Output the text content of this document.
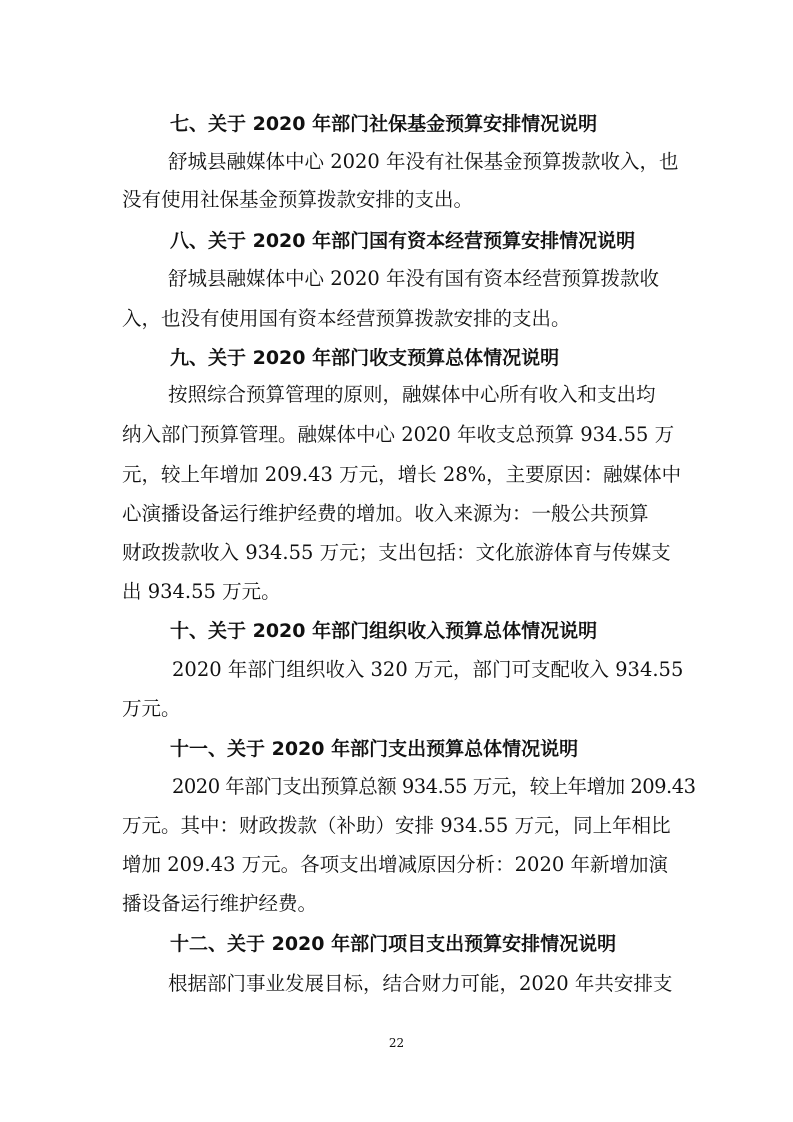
七、关于 2020 年部门社保基金预算安排情况说明
舒城县融媒体中心 2020 年没有社保基金预算拨款收入，也
没有使用社保基金预算拨款安排的支出。
八、关于 2020 年部门国有资本经营预算安排情况说明
舒城县融媒体中心 2020 年没有国有资本经营预算拨款收
入，也没有使用国有资本经营预算拨款安排的支出。
九、关于 2020 年部门收支预算总体情况说明
按照综合预算管理的原则，融媒体中心所有收入和支出均
纳入部门预算管理。融媒体中心 2020 年收支总预算 934.55 万
元，较上年增加 209.43 万元，增长 28%，主要原因：融媒体中
心演播设备运行维护经费的增加。收入来源为：一般公共预算
财政拨款收入 934.55 万元；支出包括：文化旅游体育与传媒支
出 934.55 万元。
十、关于 2020 年部门组织收入预算总体情况说明
2020 年部门组织收入 320 万元，部门可支配收入 934.55
万元。
十一、关于 2020 年部门支出预算总体情况说明
2020 年部门支出预算总额 934.55 万元，较上年增加 209.43
万元。其中：财政拨款（补助）安排 934.55 万元，同上年相比
增加 209.43 万元。各项支出增减原因分析：2020 年新增加演
播设备运行维护经费。
十二、关于 2020 年部门项目支出预算安排情况说明
根据部门事业发展目标，结合财力可能，2020 年共安排支
22
